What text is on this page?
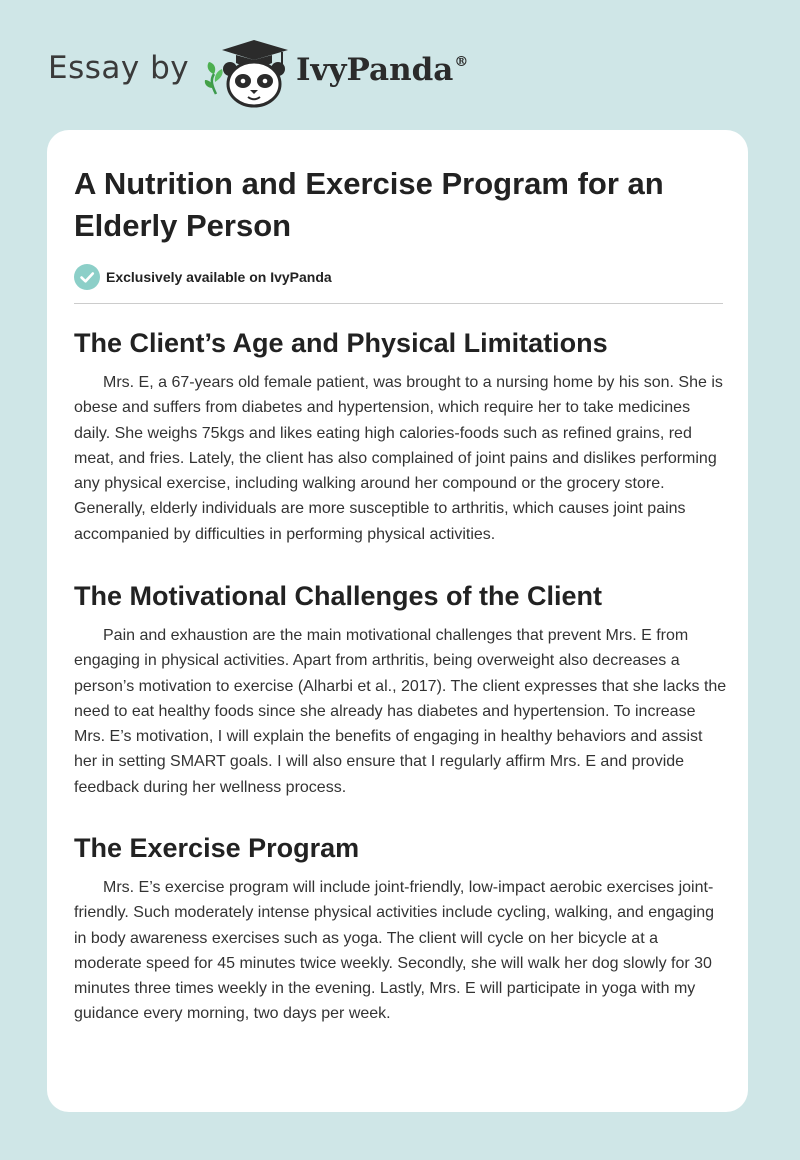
Essay by	IvyPanda®
A Nutrition and Exercise Program for an Elderly Person
Exclusively available on IvyPanda
The Client’s Age and Physical Limitations

Mrs. E, a 67-years old female patient, was brought to a nursing home by his son. She is obese and suffers from diabetes and hypertension, which require her to take medicines daily. She weighs 75kgs and likes eating high calories-foods such as refined grains, red meat, and fries. Lately, the client has also complained of joint pains and dislikes performing any physical exercise, including walking around her compound or the grocery store. Generally, elderly individuals are more susceptible to arthritis, which causes joint pains accompanied by difficulties in performing physical activities.

The Motivational Challenges of the Client

Pain and exhaustion are the main motivational challenges that prevent Mrs. E from engaging in physical activities. Apart from arthritis, being overweight also decreases a person’s motivation to exercise (Alharbi et al., 2017). The client expresses that she lacks the need to eat healthy foods since she already has diabetes and hypertension. To increase Mrs. E’s motivation, I will explain the benefits of engaging in healthy behaviors and assist her in setting SMART goals. I will also ensure that I regularly affirm Mrs. E and provide feedback during her wellness process.

The Exercise Program

Mrs. E’s exercise program will include joint-friendly, low-impact aerobic exercises joint-friendly. Such moderately intense physical activities include cycling, walking, and engaging in body awareness exercises such as yoga. The client will cycle on her bicycle at a moderate speed for 45 minutes twice weekly. Secondly, she will walk her dog slowly for 30 minutes three times weekly in the evening. Lastly, Mrs. E will participate in yoga with my guidance every morning, two days per week.
